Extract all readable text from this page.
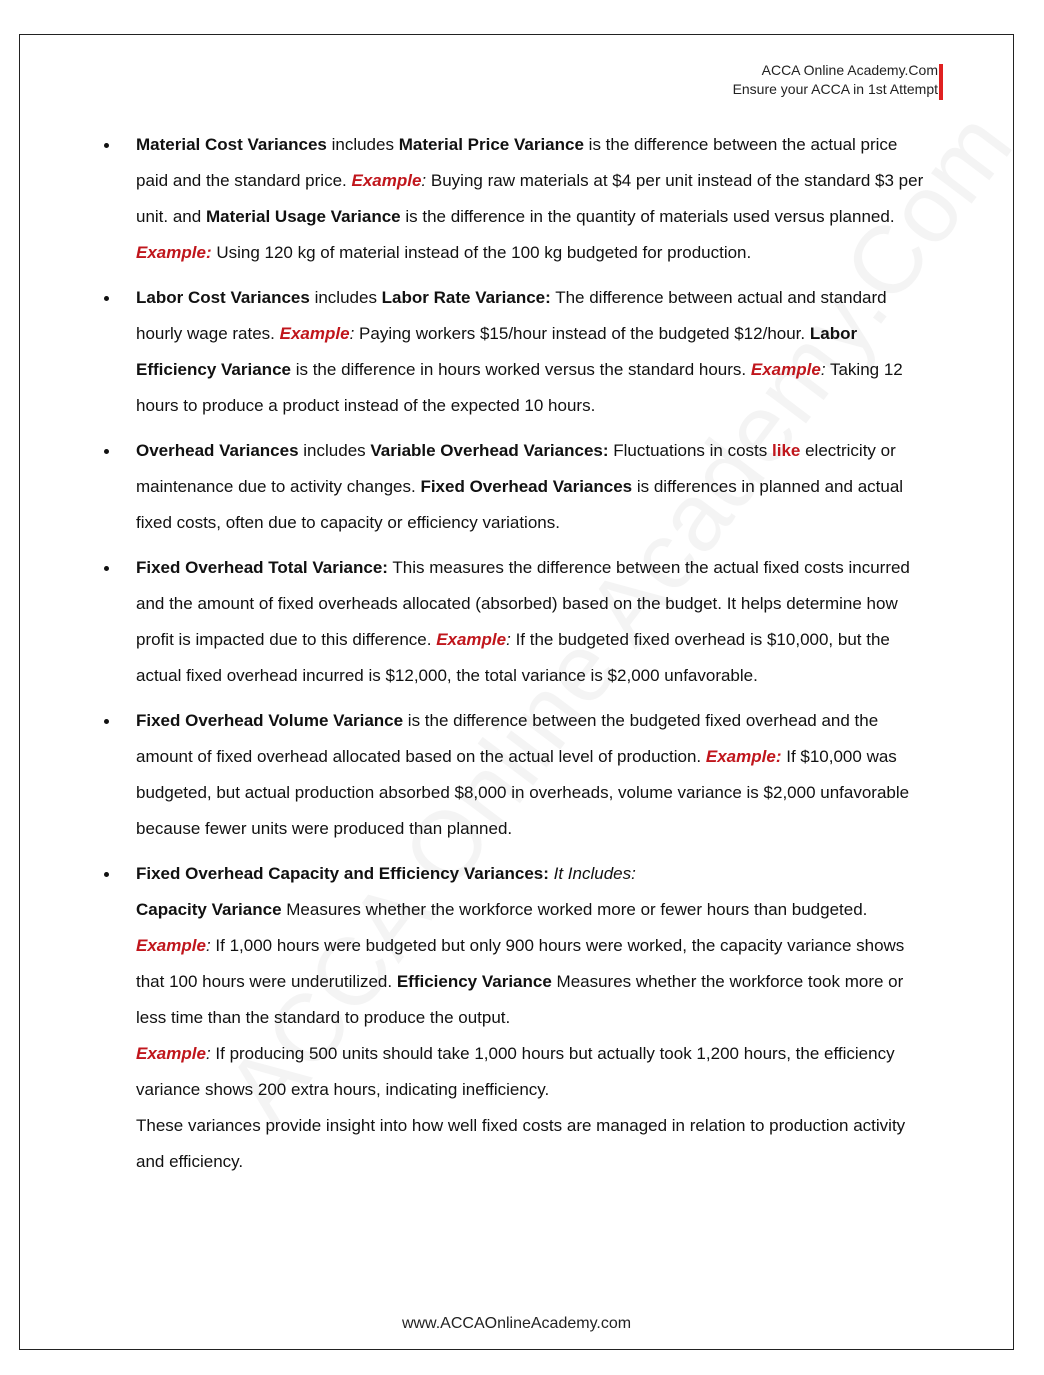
ACCA Online Academy.Com
Ensure your ACCA in 1st Attempt
Material Cost Variances includes Material Price Variance is the difference between the actual price paid and the standard price. Example: Buying raw materials at $4 per unit instead of the standard $3 per unit. and Material Usage Variance is the difference in the quantity of materials used versus planned. Example: Using 120 kg of material instead of the 100 kg budgeted for production.
Labor Cost Variances includes Labor Rate Variance: The difference between actual and standard hourly wage rates. Example: Paying workers $15/hour instead of the budgeted $12/hour. Labor Efficiency Variance is the difference in hours worked versus the standard hours. Example: Taking 12 hours to produce a product instead of the expected 10 hours.
Overhead Variances includes Variable Overhead Variances: Fluctuations in costs like electricity or maintenance due to activity changes. Fixed Overhead Variances is differences in planned and actual fixed costs, often due to capacity or efficiency variations.
Fixed Overhead Total Variance: This measures the difference between the actual fixed costs incurred and the amount of fixed overheads allocated (absorbed) based on the budget. It helps determine how profit is impacted due to this difference. Example: If the budgeted fixed overhead is $10,000, but the actual fixed overhead incurred is $12,000, the total variance is $2,000 unfavorable.
Fixed Overhead Volume Variance is the difference between the budgeted fixed overhead and the amount of fixed overhead allocated based on the actual level of production. Example: If $10,000 was budgeted, but actual production absorbed $8,000 in overheads, volume variance is $2,000 unfavorable because fewer units were produced than planned.
Fixed Overhead Capacity and Efficiency Variances: It Includes:
Capacity Variance Measures whether the workforce worked more or fewer hours than budgeted. Example: If 1,000 hours were budgeted but only 900 hours were worked, the capacity variance shows that 100 hours were underutilized. Efficiency Variance Measures whether the workforce took more or less time than the standard to produce the output.
Example: If producing 500 units should take 1,000 hours but actually took 1,200 hours, the efficiency variance shows 200 extra hours, indicating inefficiency.
These variances provide insight into how well fixed costs are managed in relation to production activity and efficiency.
www.ACCAOnlineAcademy.com
